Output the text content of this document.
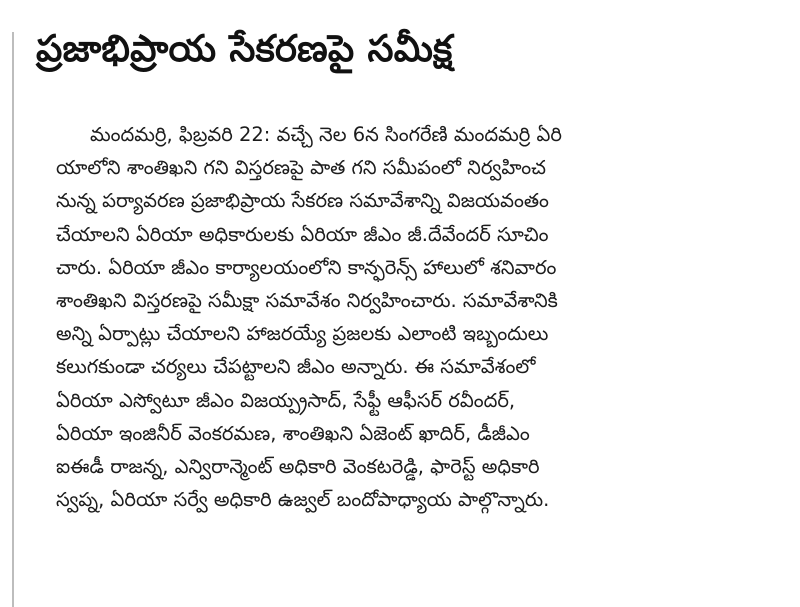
ప్రజాభిప్రాయ సేకరణపై సమీక్ష
మందమర్రి, ఫిబ్రవరి 22: వచ్చే నెల 6న సింగరేణి మందమర్రి ఏరి
యాలోని శాంతిఖని గని విస్తరణపై పాత గని సమీపంలో నిర్వహించ
నున్న పర్యావరణ ప్రజాభిప్రాయ సేకరణ సమావేశాన్ని విజయవంతం
చేయాలని ఏరియా అధికారులకు ఏరియా జీఎం జీ.దేవేందర్ సూచిం
చారు. ఏరియా జీఎం కార్యాలయంలోని కాన్ఫరెన్స్ హాలులో శనివారం
శాంతిఖని విస్తరణపై సమీక్షా సమావేశం నిర్వహించారు. సమావేశానికి
అన్ని ఏర్పాట్లు చేయాలని హాజరయ్యే ప్రజలకు ఎలాంటి ఇబ్బందులు
కలుగకుండా చర్యలు చేపట్టాలని జీఎం అన్నారు. ఈ సమావేశంలో
ఏరియా ఎస్వోటూ జీఎం విజయ్ప్రసాద్, సేఫ్టీ ఆఫీసర్ రవీందర్,
ఏరియా ఇంజినీర్ వెంకరమణ, శాంతిఖని ఏజెంట్ ఖాదిర్, డీజీఎం
ఐఈడీ రాజన్న, ఎన్విరాన్మెంట్ అధికారి వెంకటరెడ్డి, ఫారెస్ట్ అధికారి
స్వప్న, ఏరియా సర్వే అధికారి ఉజ్వల్ బందోపాధ్యాయ పాల్గొన్నారు.
